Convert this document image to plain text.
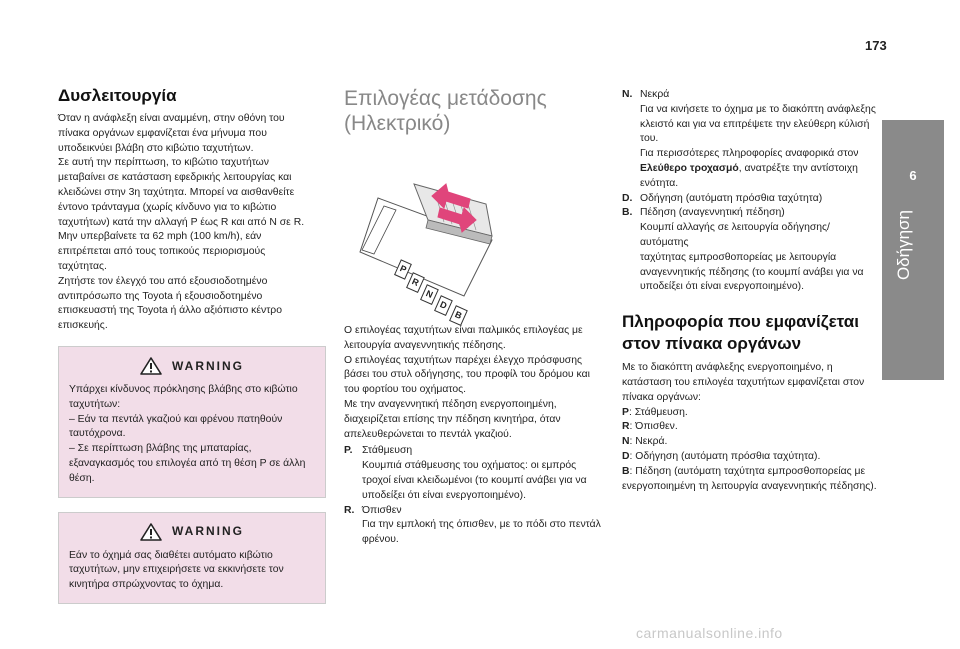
173
6
Οδήγηση
Δυσλειτουργία

Όταν η ανάφλεξη είναι αναμμένη, στην οθόνη του

πίνακα οργάνων εμφανίζεται ένα μήνυμα που

υποδεικνύει βλάβη στο κιβώτιο ταχυτήτων.

Σε αυτή την περίπτωση, το κιβώτιο ταχυτήτων

μεταβαίνει σε κατάσταση εφεδρικής λειτουργίας και

κλειδώνει στην 3η ταχύτητα. Μπορεί να αισθανθείτε

έντονο τράνταγμα (χωρίς κίνδυνο για το κιβώτιο

ταχυτήτων) κατά την αλλαγή P έως R και από N σε R.

Μην υπερβαίνετε τα 62 mph (100 km/h), εάν

επιτρέπεται από τους τοπικούς περιορισμούς

ταχύτητας.

Ζητήστε τον έλεγχό του από εξουσιοδοτημένο

αντιπρόσωπο της Toyota ή εξουσιοδοτημένο

επισκευαστή της Toyota ή άλλο αξιόπιστο κέντρο

επισκευής.

WARNING

Υπάρχει κίνδυνος πρόκλησης βλάβης στο κιβώτιο

ταχυτήτων:

– Εάν τα πεντάλ γκαζιού και φρένου πατηθούν

ταυτόχρονα.

– Σε περίπτωση βλάβης της μπαταρίας,

εξαναγκασμός του επιλογέα από τη θέση P σε άλλη

θέση.

WARNING

Εάν το όχημά σας διαθέτει αυτόματο κιβώτιο

ταχυτήτων, μην επιχειρήσετε να εκκινήσετε τον

κινητήρα σπρώχνοντας το όχημα.

Επιλογέας μετάδοσης
(Ηλεκτρικό)
P
R
N
D
B

Ο επιλογέας ταχυτήτων είναι παλμικός επιλογέας με

λειτουργία αναγεννητικής πέδησης.

Ο επιλογέας ταχυτήτων παρέχει έλεγχο πρόσφυσης

βάσει του στυλ οδήγησης, του προφίλ του δρόμου και

του φορτίου του οχήματος.

Με την αναγεννητική πέδηση ενεργοποιημένη,

διαχειρίζεται επίσης την πέδηση κινητήρα, όταν

απελευθερώνεται το πεντάλ γκαζιού.

P. Στάθμευση

Κουμπιά στάθμευσης του οχήματος: οι εμπρός

τροχοί είναι κλειδωμένοι (το κουμπί ανάβει για να

υποδείξει ότι είναι ενεργοποιημένο).

R. Όπισθεν

Για την εμπλοκή της όπισθεν, με το πόδι στο πεντάλ

φρένου.

N. Νεκρά

Για να κινήσετε το όχημα με το διακόπτη ανάφλεξης

κλειστό και για να επιτρέψετε την ελεύθερη κύλισή

του.

Για περισσότερες πληροφορίες αναφορικά στον

Ελεύθερο τροχασμό, ανατρέξτε την αντίστοιχη

ενότητα.

D. Οδήγηση (αυτόματη πρόσθια ταχύτητα)
B. Πέδηση (αναγεννητική πέδηση)

Κουμπί αλλαγής σε λειτουργία οδήγησης/αυτόματης

ταχύτητας εμπροσθοπορείας με λειτουργία

αναγεννητικής πέδησης (το κουμπί ανάβει για να

υποδείξει ότι είναι ενεργοποιημένο).

Πληροφορία που εμφανίζεται
στον πίνακα οργάνων

Με το διακόπτη ανάφλεξης ενεργοποιημένο, η

κατάσταση του επιλογέα ταχυτήτων εμφανίζεται στον

πίνακα οργάνων:

P: Στάθμευση.

R: Όπισθεν.

N: Νεκρά.

D: Οδήγηση (αυτόματη πρόσθια ταχύτητα).

B: Πέδηση (αυτόματη ταχύτητα εμπροσθοπορείας με

ενεργοποιημένη τη λειτουργία αναγεννητικής πέδησης).

carmanualsonline.info
